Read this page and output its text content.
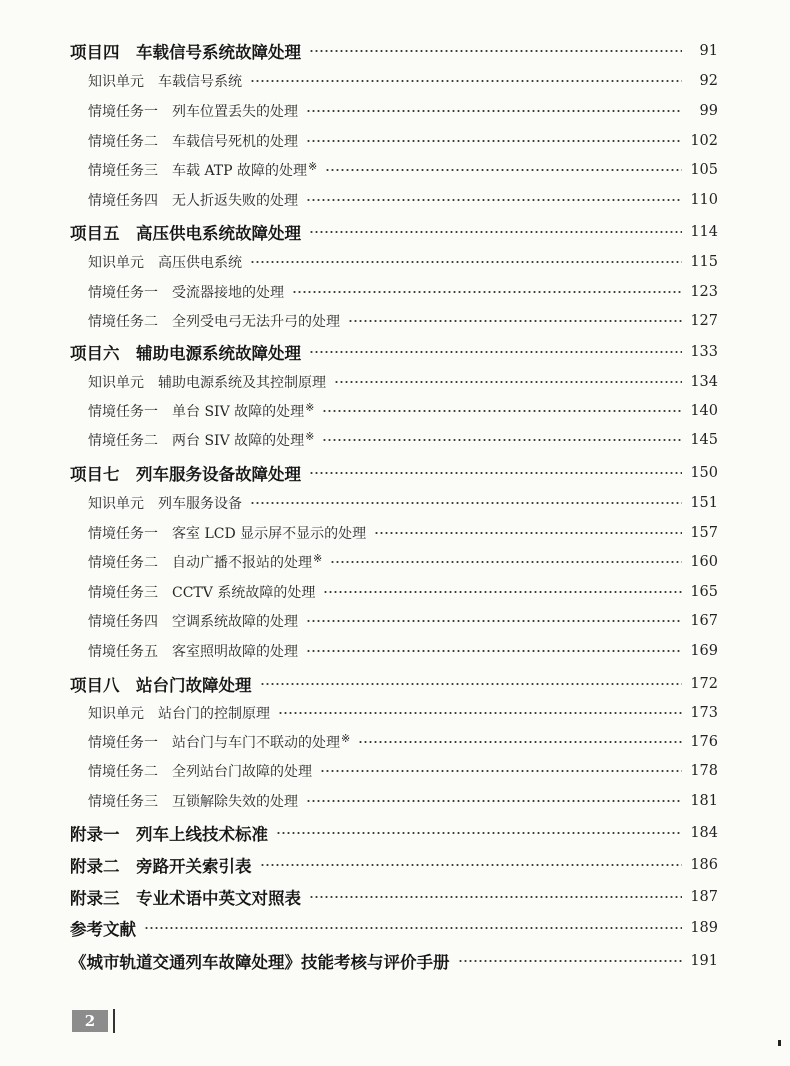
项目四　车载信号系统故障处理	91
知识单元　车载信号系统	92
情境任务一　列车位置丢失的处理	99
情境任务二　车载信号死机的处理	102
情境任务三　车载 ATP 故障的处理※	105
情境任务四　无人折返失败的处理	110
项目五　高压供电系统故障处理	114
知识单元　高压供电系统	115
情境任务一　受流器接地的处理	123
情境任务二　全列受电弓无法升弓的处理	127
项目六　辅助电源系统故障处理	133
知识单元　辅助电源系统及其控制原理	134
情境任务一　单台 SIV 故障的处理※	140
情境任务二　两台 SIV 故障的处理※	145
项目七　列车服务设备故障处理	150
知识单元　列车服务设备	151
情境任务一　客室 LCD 显示屏不显示的处理	157
情境任务二　自动广播不报站的处理※	160
情境任务三　CCTV 系统故障的处理	165
情境任务四　空调系统故障的处理	167
情境任务五　客室照明故障的处理	169
项目八　站台门故障处理	172
知识单元　站台门的控制原理	173
情境任务一　站台门与车门不联动的处理※	176
情境任务二　全列站台门故障的处理	178
情境任务三　互锁解除失效的处理	181
附录一　列车上线技术标准	184
附录二　旁路开关索引表	186
附录三　专业术语中英文对照表	187
参考文献	189
《城市轨道交通列车故障处理》技能考核与评价手册	191
2
